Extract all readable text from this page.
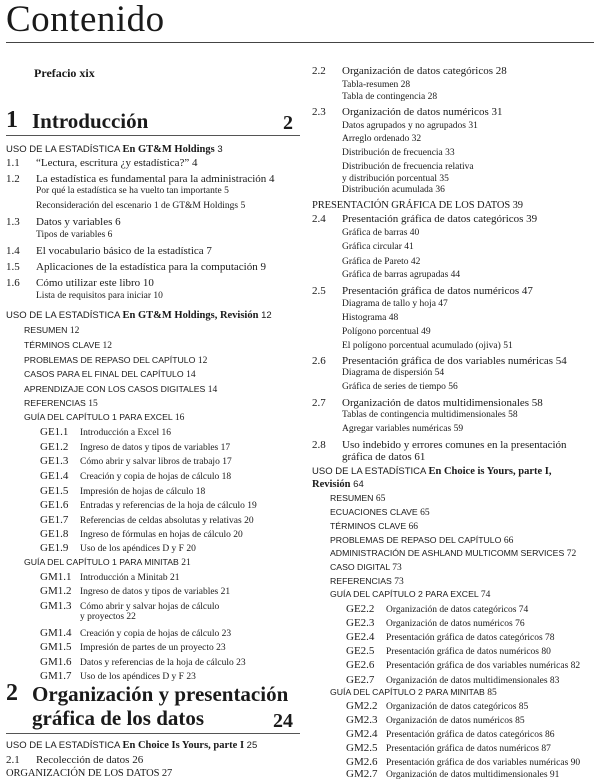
Contenido
Prefacio xix
1 Introducción	2
USO DE LA ESTADÍSTICA En GT&M Holdings 3
1.1 “Lectura, escritura ¿y estadística?” 4
1.2 La estadística es fundamental para la administración 4
Por qué la estadística se ha vuelto tan importante 5
Reconsideración del escenario 1 de GT&M Holdings 5
1.3 Datos y variables 6
Tipos de variables 6
1.4 El vocabulario básico de la estadística 7
1.5 Aplicaciones de la estadística para la computación 9
1.6 Cómo utilizar este libro 10
Lista de requisitos para iniciar 10
USO DE LA ESTADÍSTICA En GT&M Holdings, Revisión 12
RESUMEN 12
TÉRMINOS CLAVE 12
PROBLEMAS DE REPASO DEL CAPÍTULO 12
CASOS PARA EL FINAL DEL CAPÍTULO 14
APRENDIZAJE CON LOS CASOS DIGITALES 14
REFERENCIAS 15
GUÍA DEL CAPÍTULO 1 PARA EXCEL 16
GE1.1 Introducción a Excel 16
GE1.2 Ingreso de datos y tipos de variables 17
GE1.3 Cómo abrir y salvar libros de trabajo 17
GE1.4 Creación y copia de hojas de cálculo 18
GE1.5 Impresión de hojas de cálculo 18
GE1.6 Entradas y referencias de la hoja de cálculo 19
GE1.7 Referencias de celdas absolutas y relativas 20
GE1.8 Ingreso de fórmulas en hojas de cálculo 20
GE1.9 Uso de los apéndices D y F 20
GUÍA DEL CAPÍTULO 1 PARA MINITAB 21
GM1.1 Introducción a Minitab 21
GM1.2 Ingreso de datos y tipos de variables 21
GM1.3 Cómo abrir y salvar hojas de cálculo
y proyectos 22
GM1.4 Creación y copia de hojas de cálculo 23
GM1.5 Impresión de partes de un proyecto 23
GM1.6 Datos y referencias de la hoja de cálculo 23
GM1.7 Uso de los apéndices D y F 23
2 Organización y presentación
gráfica de los datos	24
USO DE LA ESTADÍSTICA En Choice Is Yours, parte I 25
2.1 Recolección de datos 26
ORGANIZACIÓN DE LOS DATOS 27
2.2 Organización de datos categóricos 28
Tabla-resumen 28
Tabla de contingencia 28
2.3 Organización de datos numéricos 31
Datos agrupados y no agrupados 31
Arreglo ordenado 32
Distribución de frecuencia 33
Distribución de frecuencia relativa
y distribución porcentual 35
Distribución acumulada 36
PRESENTACIÓN GRÁFICA DE LOS DATOS 39
2.4 Presentación gráfica de datos categóricos 39
Gráfica de barras 40
Gráfica circular 41
Gráfica de Pareto 42
Gráfica de barras agrupadas 44
2.5 Presentación gráfica de datos numéricos 47
Diagrama de tallo y hoja 47
Histograma 48
Polígono porcentual 49
El polígono porcentual acumulado (ojiva) 51
2.6 Presentación gráfica de dos variables numéricas 54
Diagrama de dispersión 54
Gráfica de series de tiempo 56
2.7 Organización de datos multidimensionales 58
Tablas de contingencia multidimensionales 58
Agregar variables numéricas 59
2.8 Uso indebido y errores comunes en la presentación
gráfica de datos 61
USO DE LA ESTADÍSTICA En Choice is Yours, parte I,
Revisión 64
RESUMEN 65
ECUACIONES CLAVE 65
TÉRMINOS CLAVE 66
PROBLEMAS DE REPASO DEL CAPÍTULO 66
ADMINISTRACIÓN DE ASHLAND MULTICOMM SERVICES 72
CASO DIGITAL 73
REFERENCIAS 73
GUÍA DEL CAPÍTULO 2 PARA EXCEL 74
GE2.2 Organización de datos categóricos 74
GE2.3 Organización de datos numéricos 76
GE2.4 Presentación gráfica de datos categóricos 78
GE2.5 Presentación gráfica de datos numéricos 80
GE2.6 Presentación gráfica de dos variables numéricas 82
GE2.7 Organización de datos multidimensionales 83
GUÍA DEL CAPÍTULO 2 PARA MINITAB 85
GM2.2 Organización de datos categóricos 85
GM2.3 Organización de datos numéricos 85
GM2.4 Presentación gráfica de datos categóricos 86
GM2.5 Presentación gráfica de datos numéricos 87
GM2.6 Presentación gráfica de dos variables numéricas 90
GM2.7 Organización de datos multidimensionales 91
